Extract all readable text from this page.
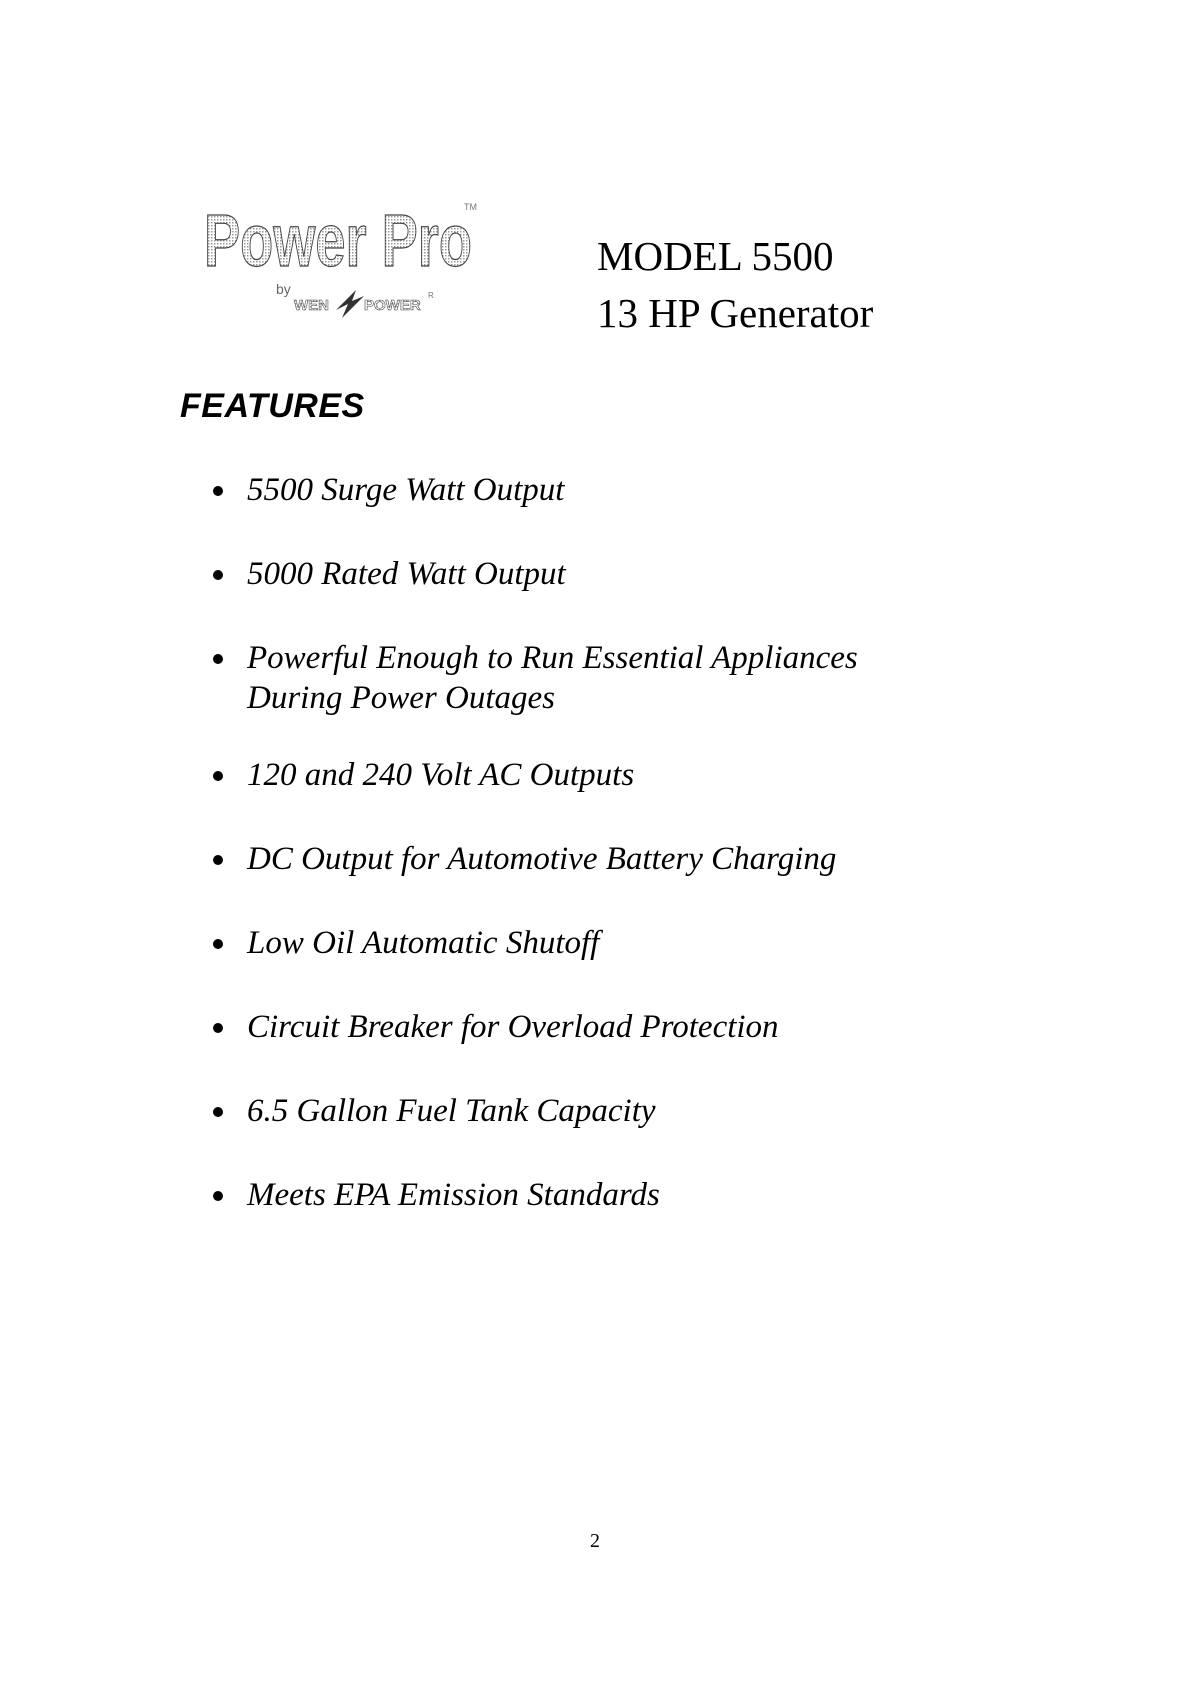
Power Pro
TM
by
WEN POWER
R
MODEL 5500
13 HP Generator
FEATURES
5500 Surge Watt Output
5000 Rated Watt Output
Powerful Enough to Run Essential Appliances
During Power Outages
120 and 240 Volt AC Outputs
DC Output for Automotive Battery Charging
Low Oil Automatic Shutoff
Circuit Breaker for Overload Protection
6.5 Gallon Fuel Tank Capacity
Meets EPA Emission Standards
2
